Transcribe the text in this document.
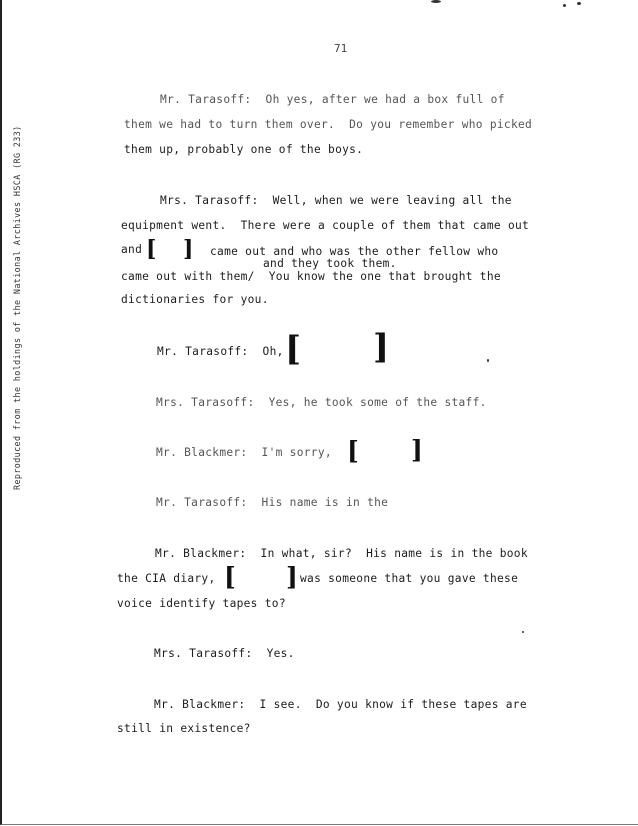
Reproduced from the holdings of the National Archives HSCA (RG 233)
71
Mr. Tarasoff:  Oh yes, after we had a box full of
them we had to turn them over.  Do you remember who picked
them up, probably one of the boys.
Mrs. Tarasoff:  Well, when we were leaving all the
equipment went.  There were a couple of them that came out
and [ ] came out and who was the other fellow who
and they took them.
came out with them/  You know the one that brought the
dictionaries for you.
Mr. Tarasoff:  Oh, [ ]
Mrs. Tarasoff:  Yes, he took some of the staff.
Mr. Blackmer:  I'm sorry, [ ]
Mr. Tarasoff:  His name is in the
Mr. Blackmer:  In what, sir?  His name is in the book
the CIA diary, [ ] was someone that you gave these
voice identify tapes to?
Mrs. Tarasoff:  Yes.
Mr. Blackmer:  I see.  Do you know if these tapes are
still in existence?
